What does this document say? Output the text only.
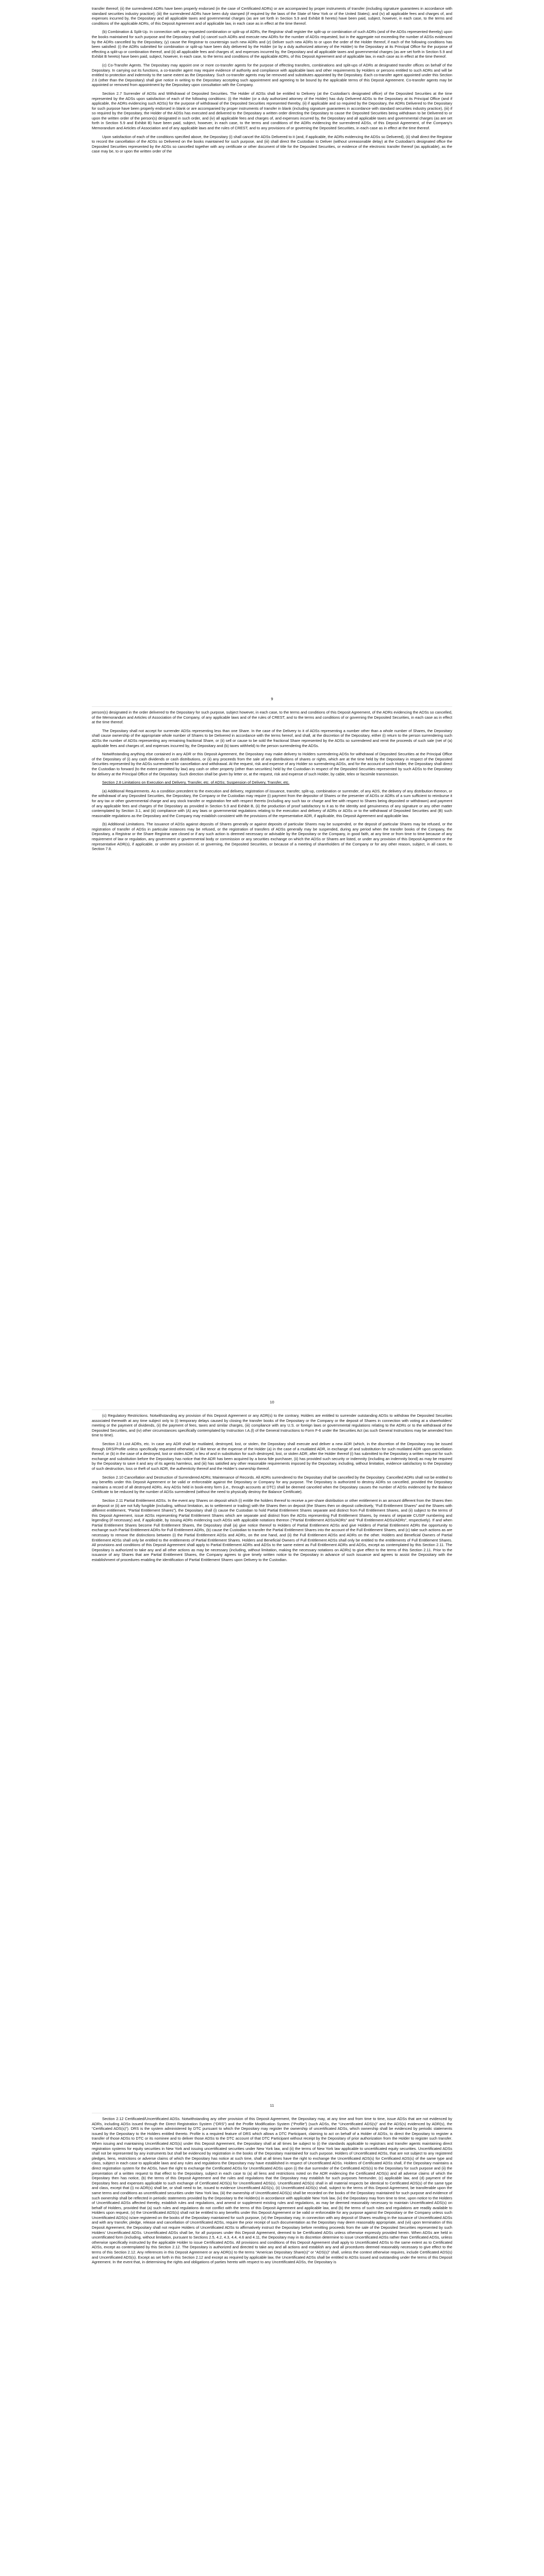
transfer thereof; (ii) the surrendered ADRs have been properly endorsed (in the case of Certificated ADRs) or are accompanied by proper instruments of transfer (including signature guarantees in accordance with standard securities industry practice); (iii) the surrendered ADRs have been duly stamped (if required by the laws of the State of New York or of the United States); and (iv) all applicable fees and charges of, and expenses incurred by, the Depositary and all applicable taxes and governmental charges (as are set forth in Section 5.9 and Exhibit B hereto) have been paid, subject, however, in each case, to the terms and conditions of the applicable ADRs, of this Deposit Agreement and of applicable law, in each case as in effect at the time thereof.

(b) Combination & Split-Up. In connection with any requested combination or split-up of ADRs, the Registrar shall register the split-up or combination of such ADRs (and of the ADSs represented thereby) upon the books maintained for such purpose and the Depositary shall (x) cancel such ADRs and execute new ADRs for the number of ADSs requested, but in the aggregate not exceeding the number of ADSs evidenced by the ADRs cancelled by the Depositary, (y) cause the Registrar to countersign such new ADRs and (z) Deliver such new ADRs to or upon the order of the Holder thereof, if each of the following conditions has been satisfied: (i) the ADRs submitted for combination or split-up have been duly delivered by the Holder (or by a duly authorized attorney of the Holder) to the Depositary at its Principal Office for the purpose of effecting a split-up or combination thereof, and (ii) all applicable fees and charges of, and expenses incurred by, the Depositary and all applicable taxes and governmental charges (as are set forth in Section 5.9 and Exhibit B hereto) have been paid, subject, however, in each case, to the terms and conditions of the applicable ADRs, of this Deposit Agreement and of applicable law, in each case as in effect at the time thereof.

(c) Co-Transfer Agents. The Depositary may appoint one or more co-transfer agents for the purpose of effecting transfers, combinations and split-ups of ADRs at designated transfer offices on behalf of the Depositary. In carrying out its functions, a co-transfer agent may require evidence of authority and compliance with applicable laws and other requirements by Holders or persons entitled to such ADRs and will be entitled to protection and indemnity to the same extent as the Depositary. Such co-transfer agents may be removed and substitutes appointed by the Depositary. Each co-transfer agent appointed under this Section 2.6 (other than the Depositary) shall give notice in writing to the Depositary accepting such appointment and agreeing to be bound by the applicable terms of this Deposit Agreement. Co-transfer agents may be appointed or removed from appointment by the Depositary upon consultation with the Company.

Section 2.7 Surrender of ADSs and Withdrawal of Deposited Securities. The Holder of ADSs shall be entitled to Delivery (at the Custodian’s designated office) of the Deposited Securities at the time represented by the ADSs upon satisfaction of each of the following conditions: (i) the Holder (or a duly authorized attorney of the Holder) has duly Delivered ADSs to the Depositary at its Principal Office (and if applicable, the ADRs evidencing such ADSs) for the purpose of withdrawal of the Deposited Securities represented thereby, (ii) if applicable and so required by the Depositary, the ADRs Delivered to the Depositary for such purpose have been properly endorsed in blank or are accompanied by proper instruments of transfer in blank (including signature guarantees in accordance with standard securities industry practice), (iii) if so required by the Depositary, the Holder of the ADSs has executed and delivered to the Depositary a written order directing the Depositary to cause the Deposited Securities being withdrawn to be Delivered to or upon the written order of the person(s) designated in such order, and (iv) all applicable fees and charges of, and expenses incurred by, the Depositary and all applicable taxes and governmental charges (as are set forth in Section 5.9 and Exhibit B) have been paid, subject, however, in each case, to the terms and conditions of the ADRs evidencing the surrendered ADSs, of this Deposit Agreement, of the Company’s Memorandum and Articles of Association and of any applicable laws and the rules of CREST, and to any provisions of or governing the Deposited Securities, in each case as in effect at the time thereof.

Upon satisfaction of each of the conditions specified above, the Depositary (i) shall cancel the ADSs Delivered to it (and, if applicable, the ADRs evidencing the ADSs so Delivered), (ii) shall direct the Registrar to record the cancellation of the ADSs so Delivered on the books maintained for such purpose, and (iii) shall direct the Custodian to Deliver (without unreasonable delay) at the Custodian’s designated office the Deposited Securities represented by the ADSs so cancelled together with any certificate or other document of title for the Deposited Securities, or evidence of the electronic transfer thereof (as applicable), as the case may be, to or upon the written order of the

9

person(s) designated in the order delivered to the Depositary for such purpose, subject however, in each case, to the terms and conditions of this Deposit Agreement, of the ADRs evidencing the ADSs so cancelled, of the Memorandum and Articles of Association of the Company, of any applicable laws and of the rules of CREST, and to the terms and conditions of or governing the Deposited Securities, in each case as in effect at the time thereof.

The Depositary shall not accept for surrender ADSs representing less than one Share. In the case of the Delivery to it of ADSs representing a number other than a whole number of Shares, the Depositary shall cause ownership of the appropriate whole number of Shares to be Delivered in accordance with the terms hereof, and shall, at the discretion of the Depositary, either (i) return to the person surrendering such ADSs the number of ADSs representing any remaining fractional Share, or (ii) sell or cause to be sold the fractional Share represented by the ADSs so surrendered and remit the proceeds of such sale (net of (a) applicable fees and charges of, and expenses incurred by, the Depositary and (b) taxes withheld) to the person surrendering the ADSs.

Notwithstanding anything else contained in any ADR or this Deposit Agreement, the Depositary may make delivery to Holders surrendering ADSs for withdrawal of Deposited Securities at the Principal Office of the Depositary of (i) any cash dividends or cash distributions, or (ii) any proceeds from the sale of any distributions of shares or rights, which are at the time held by the Depositary in respect of the Deposited Securities represented by the ADSs surrendered for cancellation and withdrawal. At the request, risk and expense of any Holder so surrendering ADSs, and for the account of such Holder, the Depositary shall direct the Custodian to forward (to the extent permitted by law) any cash or other property (other than securities) held by the Custodian in respect of the Deposited Securities represented by such ADSs to the Depositary for delivery at the Principal Office of the Depositary. Such direction shall be given by letter or, at the request, risk and expense of such Holder, by cable, telex or facsimile transmission.

Section 2.8 Limitations on Execution and Delivery, Transfer, etc. of ADSs; Suspension of Delivery, Transfer, etc.

(a) Additional Requirements. As a condition precedent to the execution and delivery, registration of issuance, transfer, split-up, combination or surrender, of any ADS, the delivery of any distribution thereon, or the withdrawal of any Deposited Securities, the Depositary, the Company or the Custodian may require (i) payment from the depositor of Shares or the presenter of ADSs or ADRs of a sum sufficient to reimburse it for any tax or other governmental charge and any stock transfer or registration fee with respect thereto (including any such tax or charge and fee with respect to Shares being deposited or withdrawn) and payment of any applicable fees and charges of the Depositary as provided in Section 5.9 and Exhibit B, (ii) the production of proof satisfactory to it as to the identity and genuineness of any signature or any other matter contemplated by Section 3.1, and (iii) compliance with (A) any laws or governmental regulations relating to the execution and delivery of ADRs or ADSs or to the withdrawal of Deposited Securities and (B) such reasonable regulations as the Depositary and the Company may establish consistent with the provisions of the representative ADR, if applicable, this Deposit Agreement and applicable law.

(b) Additional Limitations. The issuance of ADSs against deposits of Shares generally or against deposits of particular Shares may be suspended, or the deposit of particular Shares may be refused, or the registration of transfer of ADSs in particular instances may be refused, or the registration of transfers of ADSs generally may be suspended, during any period when the transfer books of the Company, the Depositary, a Registrar or the Share Registrar are closed or if any such action is deemed necessary or advisable by the Depositary or the Company, in good faith, at any time or from time to time because of any requirement of law or regulation, any government or governmental body or commission or any securities exchange on which the ADSs or Shares are listed, or under any provision of this Deposit Agreement or the representative ADR(s), if applicable, or under any provision of, or governing, the Deposited Securities, or because of a meeting of shareholders of the Company or for any other reason, subject, in all cases, to Section 7.8.

10

(c) Regulatory Restrictions. Notwithstanding any provision of this Deposit Agreement or any ADR(s) to the contrary, Holders are entitled to surrender outstanding ADSs to withdraw the Deposited Securities associated therewith at any time subject only to (i) temporary delays caused by closing the transfer books of the Depositary or the Company or the deposit of Shares in connection with voting at a shareholders’ meeting or the payment of dividends, (ii) the payment of fees, taxes and similar charges, (iii) compliance with any U.S. or foreign laws or governmental regulations relating to the ADRs or to the withdrawal of the Deposited Securities, and (iv) other circumstances specifically contemplated by Instruction I.A.(l) of the General Instructions to Form F-6 under the Securities Act (as such General Instructions may be amended from time to time).

Section 2.9 Lost ADRs, etc. In case any ADR shall be mutilated, destroyed, lost, or stolen, the Depositary shall execute and deliver a new ADR (which, in the discretion of the Depositary may be issued through DRS/Profile unless specifically requested otherwise) of like tenor at the expense of the Holder (a) in the case of a mutilated ADR, in exchange of and substitution for such mutilated ADR upon cancellation thereof, or (b) in the case of a destroyed, lost or stolen ADR, in lieu of and in substitution for such destroyed, lost, or stolen ADR, after the Holder thereof (i) has submitted to the Depositary a written request for such exchange and substitution before the Depositary has notice that the ADR has been acquired by a bona fide purchaser, (ii) has provided such security or indemnity (including an indemnity bond) as may be required by the Depositary to save it and any of its agents harmless, and (iii) has satisfied any other reasonable requirements imposed by the Depositary, including, without limitation, evidence satisfactory to the Depositary of such destruction, loss or theft of such ADR, the authenticity thereof and the Holder’s ownership thereof.

Section 2.10 Cancellation and Destruction of Surrendered ADRs; Maintenance of Records. All ADRs surrendered to the Depositary shall be cancelled by the Depositary. Cancelled ADRs shall not be entitled to any benefits under this Deposit Agreement or be valid or enforceable against the Depositary or Company for any purpose. The Depositary is authorized to destroy ADRs so cancelled, provided the Depositary maintains a record of all destroyed ADRs. Any ADSs held in book-entry form (i.e., through accounts at DTC) shall be deemed canceled when the Depositary causes the number of ADSs evidenced by the Balance Certificate to be reduced by the number of ADSs surrendered (without the need to physically destroy the Balance Certificate).

Section 2.11 Partial Entitlement ADSs. In the event any Shares on deposit which (i) entitle the holders thereof to receive a per-share distribution or other entitlement in an amount different from the Shares then on deposit or (ii) are not fully fungible (including, without limitation, as to settlement or trading) with the Shares then on deposit (the Shares then on deposit collectively, “Full Entitlement Shares” and the Shares with different entitlement, “Partial Entitlement Shares”), the Depositary shall (i) cause the Custodian to hold Partial Entitlement Shares separate and distinct from Full Entitlement Shares, and (ii) subject to the terms of this Deposit Agreement, issue ADSs representing Partial Entitlement Shares which are separate and distinct from the ADSs representing Full Entitlement Shares, by means of separate CUSIP numbering and legending (if necessary) and, if applicable, by issuing ADRs evidencing such ADSs with applicable notations thereon (“Partial Entitlement ADSs/ADRs” and “Full Entitlement ADSs/ADRs”, respectively). If and when Partial Entitlement Shares become Full Entitlement Shares, the Depositary shall (a) give notice thereof to Holders of Partial Entitlement ADSs and give Holders of Partial Entitlement ADRs the opportunity to exchange such Partial Entitlement ADRs for Full Entitlement ADRs, (b) cause the Custodian to transfer the Partial Entitlement Shares into the account of the Full Entitlement Shares, and (c) take such actions as are necessary to remove the distinctions between (i) the Partial Entitlement ADSs and ADRs, on the one hand, and (ii) the Full Entitlement ADSs and ADRs on the other. Holders and Beneficial Owners of Partial Entitlement ADSs shall only be entitled to the entitlements of Partial Entitlement Shares. Holders and Beneficial Owners of Full Entitlement ADSs shall only be entitled to the entitlements of Full Entitlement Shares. All provisions and conditions of this Deposit Agreement shall apply to Partial Entitlement ADRs and ADSs to the same extent as Full Entitlement ADRs and ADSs, except as contemplated by this Section 2.11. The Depositary is authorized to take any and all other actions as may be necessary (including, without limitation, making the necessary notations on ADRs) to give effect to the terms of this Section 2.11. Prior to the issuance of any Shares that are Partial Entitlement Shares, the Company agrees to give timely written notice to the Depositary in advance of such issuance and agrees to assist the Depositary with the establishment of procedures enabling the identification of Partial Entitlement Shares upon Delivery to the Custodian.

11

Section 2.12 Certificated/Uncertificated ADSs. Notwithstanding any other provision of this Deposit Agreement, the Depositary may, at any time and from time to time, issue ADSs that are not evidenced by ADRs, including ADSs issued through the Direct Registration System (“DRS”) and the Profile Modification System (“Profile”) (such ADSs, the “Uncertificated ADS(s)” and the ADS(s) evidenced by ADR(s), the “Certificated ADS(s)”). DRS is the system administered by DTC pursuant to which the Depositary may register the ownership of uncertificated ADSs, which ownership shall be evidenced by periodic statements issued by the Depositary to the Holders entitled thereto. Profile is a required feature of DRS which allows a DTC Participant, claiming to act on behalf of a Holder of ADSs, to direct the Depositary to register a transfer of those ADSs to DTC or its nominee and to deliver those ADSs to the DTC account of that DTC Participant without receipt by the Depositary of prior authorization from the Holder to register such transfer. When issuing and maintaining Uncertificated ADS(s) under this Deposit Agreement, the Depositary shall at all times be subject to (i) the standards applicable to registrars and transfer agents maintaining direct registration systems for equity securities in New York and issuing uncertificated securities under New York law, and (ii) the terms of New York law applicable to uncertificated equity securities. Uncertificated ADSs shall not be represented by any instruments but shall be evidenced by registration in the books of the Depositary maintained for such purpose. Holders of Uncertificated ADSs, that are not subject to any registered pledges, liens, restrictions or adverse claims of which the Depositary has notice at such time, shall at all times have the right to exchange the Uncertificated ADS(s) for Certificated ADS(s) of the same type and class, subject in each case to applicable laws and any rules and regulations the Depositary may have established in respect of Uncertificated ADSs. Holders of Certificated ADSs shall, if the Depositary maintains a direct registration system for the ADSs, have the right to exchange the Certificated ADSs for Uncertificated ADSs upon (i) the due surrender of the Certificated ADS(s) to the Depositary for such purpose and (ii) the presentation of a written request to that effect to the Depositary, subject in each case to (a) all liens and restrictions noted on the ADR evidencing the Certificated ADS(s) and all adverse claims of which the Depositary then has notice, (b) the terms of this Deposit Agreement and the rules and regulations that the Depositary may establish for such purposes hereunder, (c) applicable law, and (d) payment of the Depositary fees and expenses applicable to such exchange of Certificated ADS(s) for Uncertificated ADS(s). Uncertificated ADS(s) shall in all material respects be identical to Certificated ADS(s) of the same type and class, except that (i) no ADR(s) shall be, or shall need to be, issued to evidence Uncertificated ADS(s), (ii) Uncertificated ADS(s) shall, subject to the terms of this Deposit Agreement, be transferable upon the same terms and conditions as uncertificated securities under New York law, (iii) the ownership of Uncertificated ADS(s) shall be recorded on the books of the Depositary maintained for such purpose and evidence of such ownership shall be reflected in periodic statements provided by the Depositary to the Holder(s) in accordance with applicable New York law, (iv) the Depositary may from time to time, upon notice to the Holders of Uncertificated ADSs affected thereby, establish rules and regulations, and amend or supplement existing rules and regulations, as may be deemed reasonably necessary to maintain Uncertificated ADS(s) on behalf of Holders, provided that (a) such rules and regulations do not conflict with the terms of this Deposit Agreement and applicable law, and (b) the terms of such rules and regulations are readily available to Holders upon request, (v) the Uncertificated ADS(s) shall not be entitled to any benefits under this Deposit Agreement or be valid or enforceable for any purpose against the Depositary or the Company unless such Uncertificated ADS(s) is/are registered on the books of the Depositary maintained for such purpose, (vi) the Depositary may, in connection with any deposit of Shares resulting in the issuance of Uncertificated ADSs and with any transfer, pledge, release and cancellation of Uncertificated ADSs, require the prior receipt of such documentation as the Depositary may deem reasonably appropriate, and (vii) upon termination of this Deposit Agreement, the Depositary shall not require Holders of Uncertificated ADSs to affirmatively instruct the Depositary before remitting proceeds from the sale of the Deposited Securities represented by such Holders’ Uncertificated ADSs. Uncertificated ADSs shall be, for all purposes under this Deposit Agreement, deemed to be Certificated ADSs unless otherwise expressly provided herein. When ADSs are held in uncertificated form (including, without limitation, pursuant to Sections 2.5, 4.2, 4.3, 4.4, 4.6 and 4.11, the Depositary may in its discretion determine to issue Uncertificated ADSs rather than Certificated ADSs, unless otherwise specifically instructed by the applicable Holder to issue Certificated ADSs. All provisions and conditions of this Deposit Agreement shall apply to Uncertificated ADSs to the same extent as to Certificated ADSs, except as contemplated by this Section 2.12. The Depositary is authorized and directed to take any and all actions and establish any and all procedures deemed reasonably necessary to give effect to the terms of this Section 2.12. Any references in this Deposit Agreement or any ADR(s) to the terms “American Depositary Share(s)” or “ADS(s)” shall, unless the context otherwise requires, include Certificated ADS(s) and Uncertificated ADS(s). Except as set forth in this Section 2.12 and except as required by applicable law, the Uncertificated ADSs shall be entitled to ADSs issued and outstanding under the terms of this Deposit Agreement. In the event that, in determining the rights and obligations of parties hereto with respect to any Uncertificated ADSs, the Depositary is
